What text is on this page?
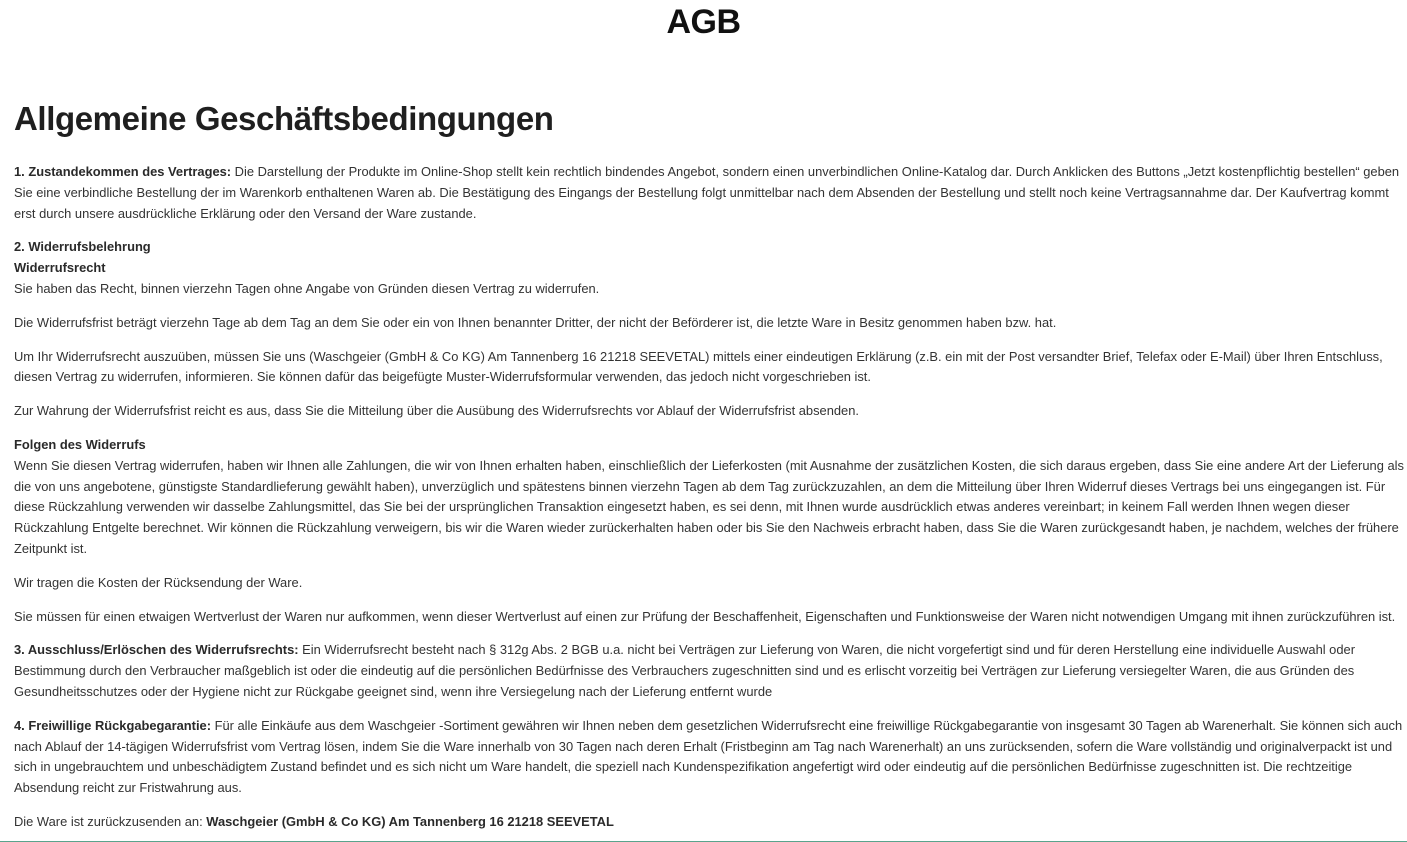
AGB
Allgemeine Geschäftsbedingungen

1. Zustandekommen des Vertrages: Die Darstellung der Produkte im Online-Shop stellt kein rechtlich bindendes Angebot, sondern einen unverbindlichen Online-Katalog dar. Durch Anklicken des Buttons „Jetzt kostenpflichtig bestellen“ geben Sie eine verbindliche Bestellung der im Warenkorb enthaltenen Waren ab. Die Bestätigung des Eingangs der Bestellung folgt unmittelbar nach dem Absenden der Bestellung und stellt noch keine Vertragsannahme dar. Der Kaufvertrag kommt erst durch unsere ausdrückliche Erklärung oder den Versand der Ware zustande.

2. Widerrufsbelehrung
Widerrufsrecht
Sie haben das Recht, binnen vierzehn Tagen ohne Angabe von Gründen diesen Vertrag zu widerrufen.

Die Widerrufsfrist beträgt vierzehn Tage ab dem Tag an dem Sie oder ein von Ihnen benannter Dritter, der nicht der Beförderer ist, die letzte Ware in Besitz genommen haben bzw. hat.

Um Ihr Widerrufsrecht auszuüben, müssen Sie uns (Waschgeier (GmbH & Co KG) Am Tannenberg 16 21218 SEEVETAL) mittels einer eindeutigen Erklärung (z.B. ein mit der Post versandter Brief, Telefax oder E-Mail) über Ihren Entschluss, diesen Vertrag zu widerrufen, informieren. Sie können dafür das beigefügte Muster-Widerrufsformular verwenden, das jedoch nicht vorgeschrieben ist.

Zur Wahrung der Widerrufsfrist reicht es aus, dass Sie die Mitteilung über die Ausübung des Widerrufsrechts vor Ablauf der Widerrufsfrist absenden.

Folgen des Widerrufs
Wenn Sie diesen Vertrag widerrufen, haben wir Ihnen alle Zahlungen, die wir von Ihnen erhalten haben, einschließlich der Lieferkosten (mit Ausnahme der zusätzlichen Kosten, die sich daraus ergeben, dass Sie eine andere Art der Lieferung als die von uns angebotene, günstigste Standardlieferung gewählt haben), unverzüglich und spätestens binnen vierzehn Tagen ab dem Tag zurückzuzahlen, an dem die Mitteilung über Ihren Widerruf dieses Vertrags bei uns eingegangen ist. Für diese Rückzahlung verwenden wir dasselbe Zahlungsmittel, das Sie bei der ursprünglichen Transaktion eingesetzt haben, es sei denn, mit Ihnen wurde ausdrücklich etwas anderes vereinbart; in keinem Fall werden Ihnen wegen dieser Rückzahlung Entgelte berechnet. Wir können die Rückzahlung verweigern, bis wir die Waren wieder zurückerhalten haben oder bis Sie den Nachweis erbracht haben, dass Sie die Waren zurückgesandt haben, je nachdem, welches der frühere Zeitpunkt ist.

Wir tragen die Kosten der Rücksendung der Ware.

Sie müssen für einen etwaigen Wertverlust der Waren nur aufkommen, wenn dieser Wertverlust auf einen zur Prüfung der Beschaffenheit, Eigenschaften und Funktionsweise der Waren nicht notwendigen Umgang mit ihnen zurückzuführen ist.

3. Ausschluss/Erlöschen des Widerrufsrechts: Ein Widerrufsrecht besteht nach § 312g Abs. 2 BGB u.a. nicht bei Verträgen zur Lieferung von Waren, die nicht vorgefertigt sind und für deren Herstellung eine individuelle Auswahl oder Bestimmung durch den Verbraucher maßgeblich ist oder die eindeutig auf die persönlichen Bedürfnisse des Verbrauchers zugeschnitten sind und es erlischt vorzeitig bei Verträgen zur Lieferung versiegelter Waren, die aus Gründen des Gesundheitsschutzes oder der Hygiene nicht zur Rückgabe geeignet sind, wenn ihre Versiegelung nach der Lieferung entfernt wurde

4. Freiwillige Rückgabegarantie: Für alle Einkäufe aus dem Waschgeier -Sortiment gewähren wir Ihnen neben dem gesetzlichen Widerrufsrecht eine freiwillige Rückgabegarantie von insgesamt 30 Tagen ab Warenerhalt. Sie können sich auch nach Ablauf der 14-tägigen Widerrufsfrist vom Vertrag lösen, indem Sie die Ware innerhalb von 30 Tagen nach deren Erhalt (Fristbeginn am Tag nach Warenerhalt) an uns zurücksenden, sofern die Ware vollständig und originalverpackt ist und sich in ungebrauchtem und unbeschädigtem Zustand befindet und es sich nicht um Ware handelt, die speziell nach Kundenspezifikation angefertigt wird oder eindeutig auf die persönlichen Bedürfnisse zugeschnitten ist. Die rechtzeitige Absendung reicht zur Fristwahrung aus.

Die Ware ist zurückzusenden an: Waschgeier (GmbH & Co KG) Am Tannenberg 16 21218 SEEVETAL
